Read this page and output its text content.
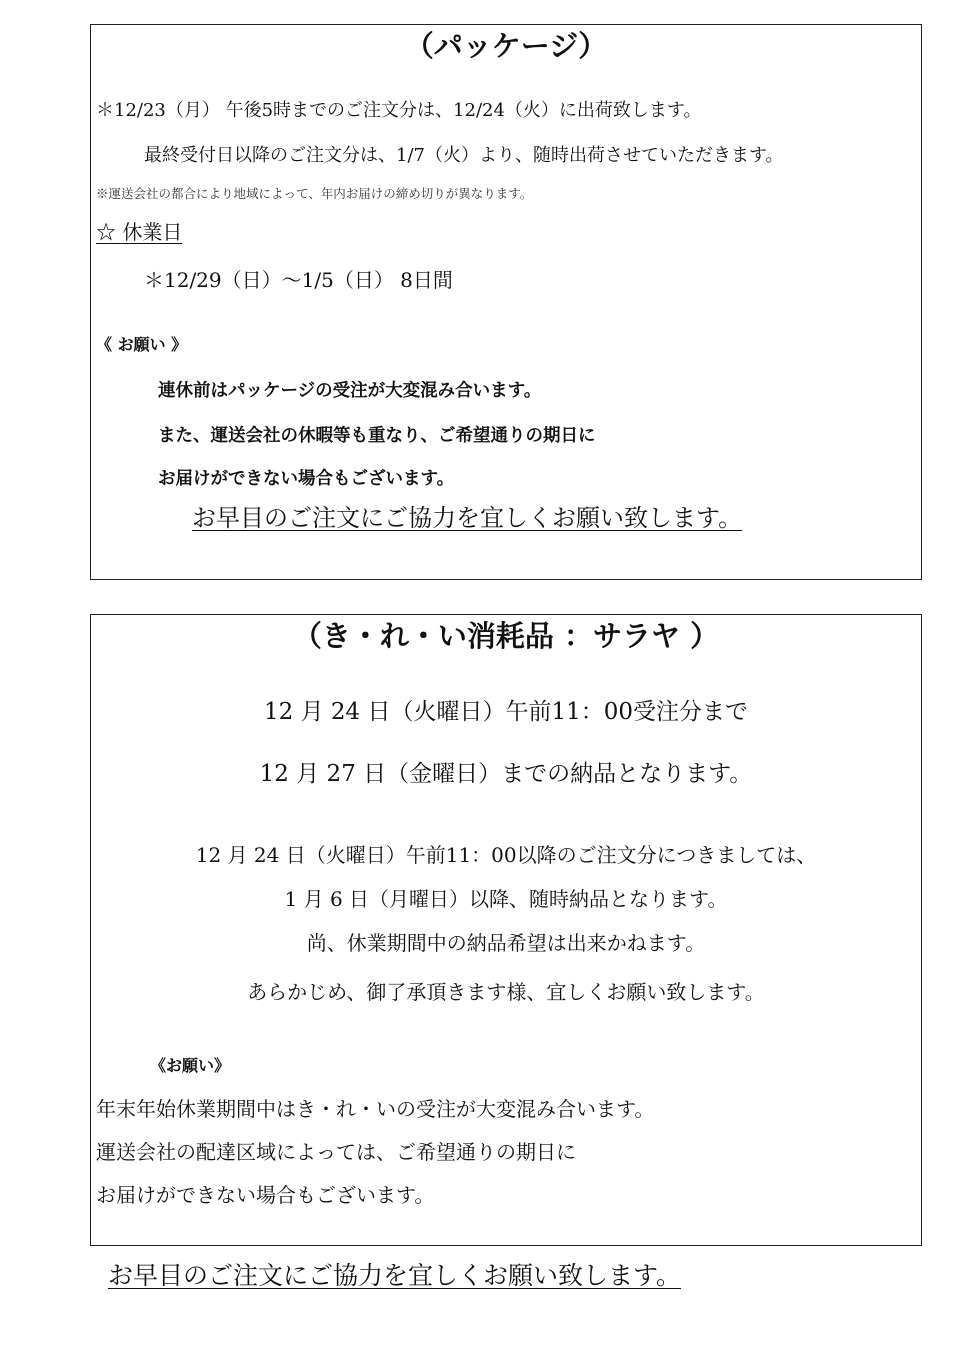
（パッケージ）

＊12/23（月） 午後5時までのご注文分は、12/24（火）に出荷致します。

最終受付日以降のご注文分は、1/7（火）より、随時出荷させていただきます。

※運送会社の都合により地域によって、年内お届けの締め切りが異なります。

☆ 休業日

＊12/29（日）～1/5（日） 8日間

《 お願い 》

連休前はパッケージの受注が大変混み合います。

また、運送会社の休暇等も重なり、ご希望通りの期日に

お届けができない場合もございます。

お早目のご注文にご協力を宜しくお願い致します。

（き・れ・い消耗品 ：サラヤ ）

12 月 24 日（火曜日）午前11：00受注分まで

12 月 27 日（金曜日）までの納品となります。

12 月 24 日（火曜日）午前11：00以降のご注文分につきましては、

1 月 6 日（月曜日）以降、随時納品となります。

尚、休業期間中の納品希望は出来かねます。

あらかじめ、御了承頂きます様、宜しくお願い致します。

《お願い》

年末年始休業期間中はき・れ・いの受注が大変混み合います。

運送会社の配達区域によっては、ご希望通りの期日に

お届けができない場合もございます。

お早目のご注文にご協力を宜しくお願い致します。
